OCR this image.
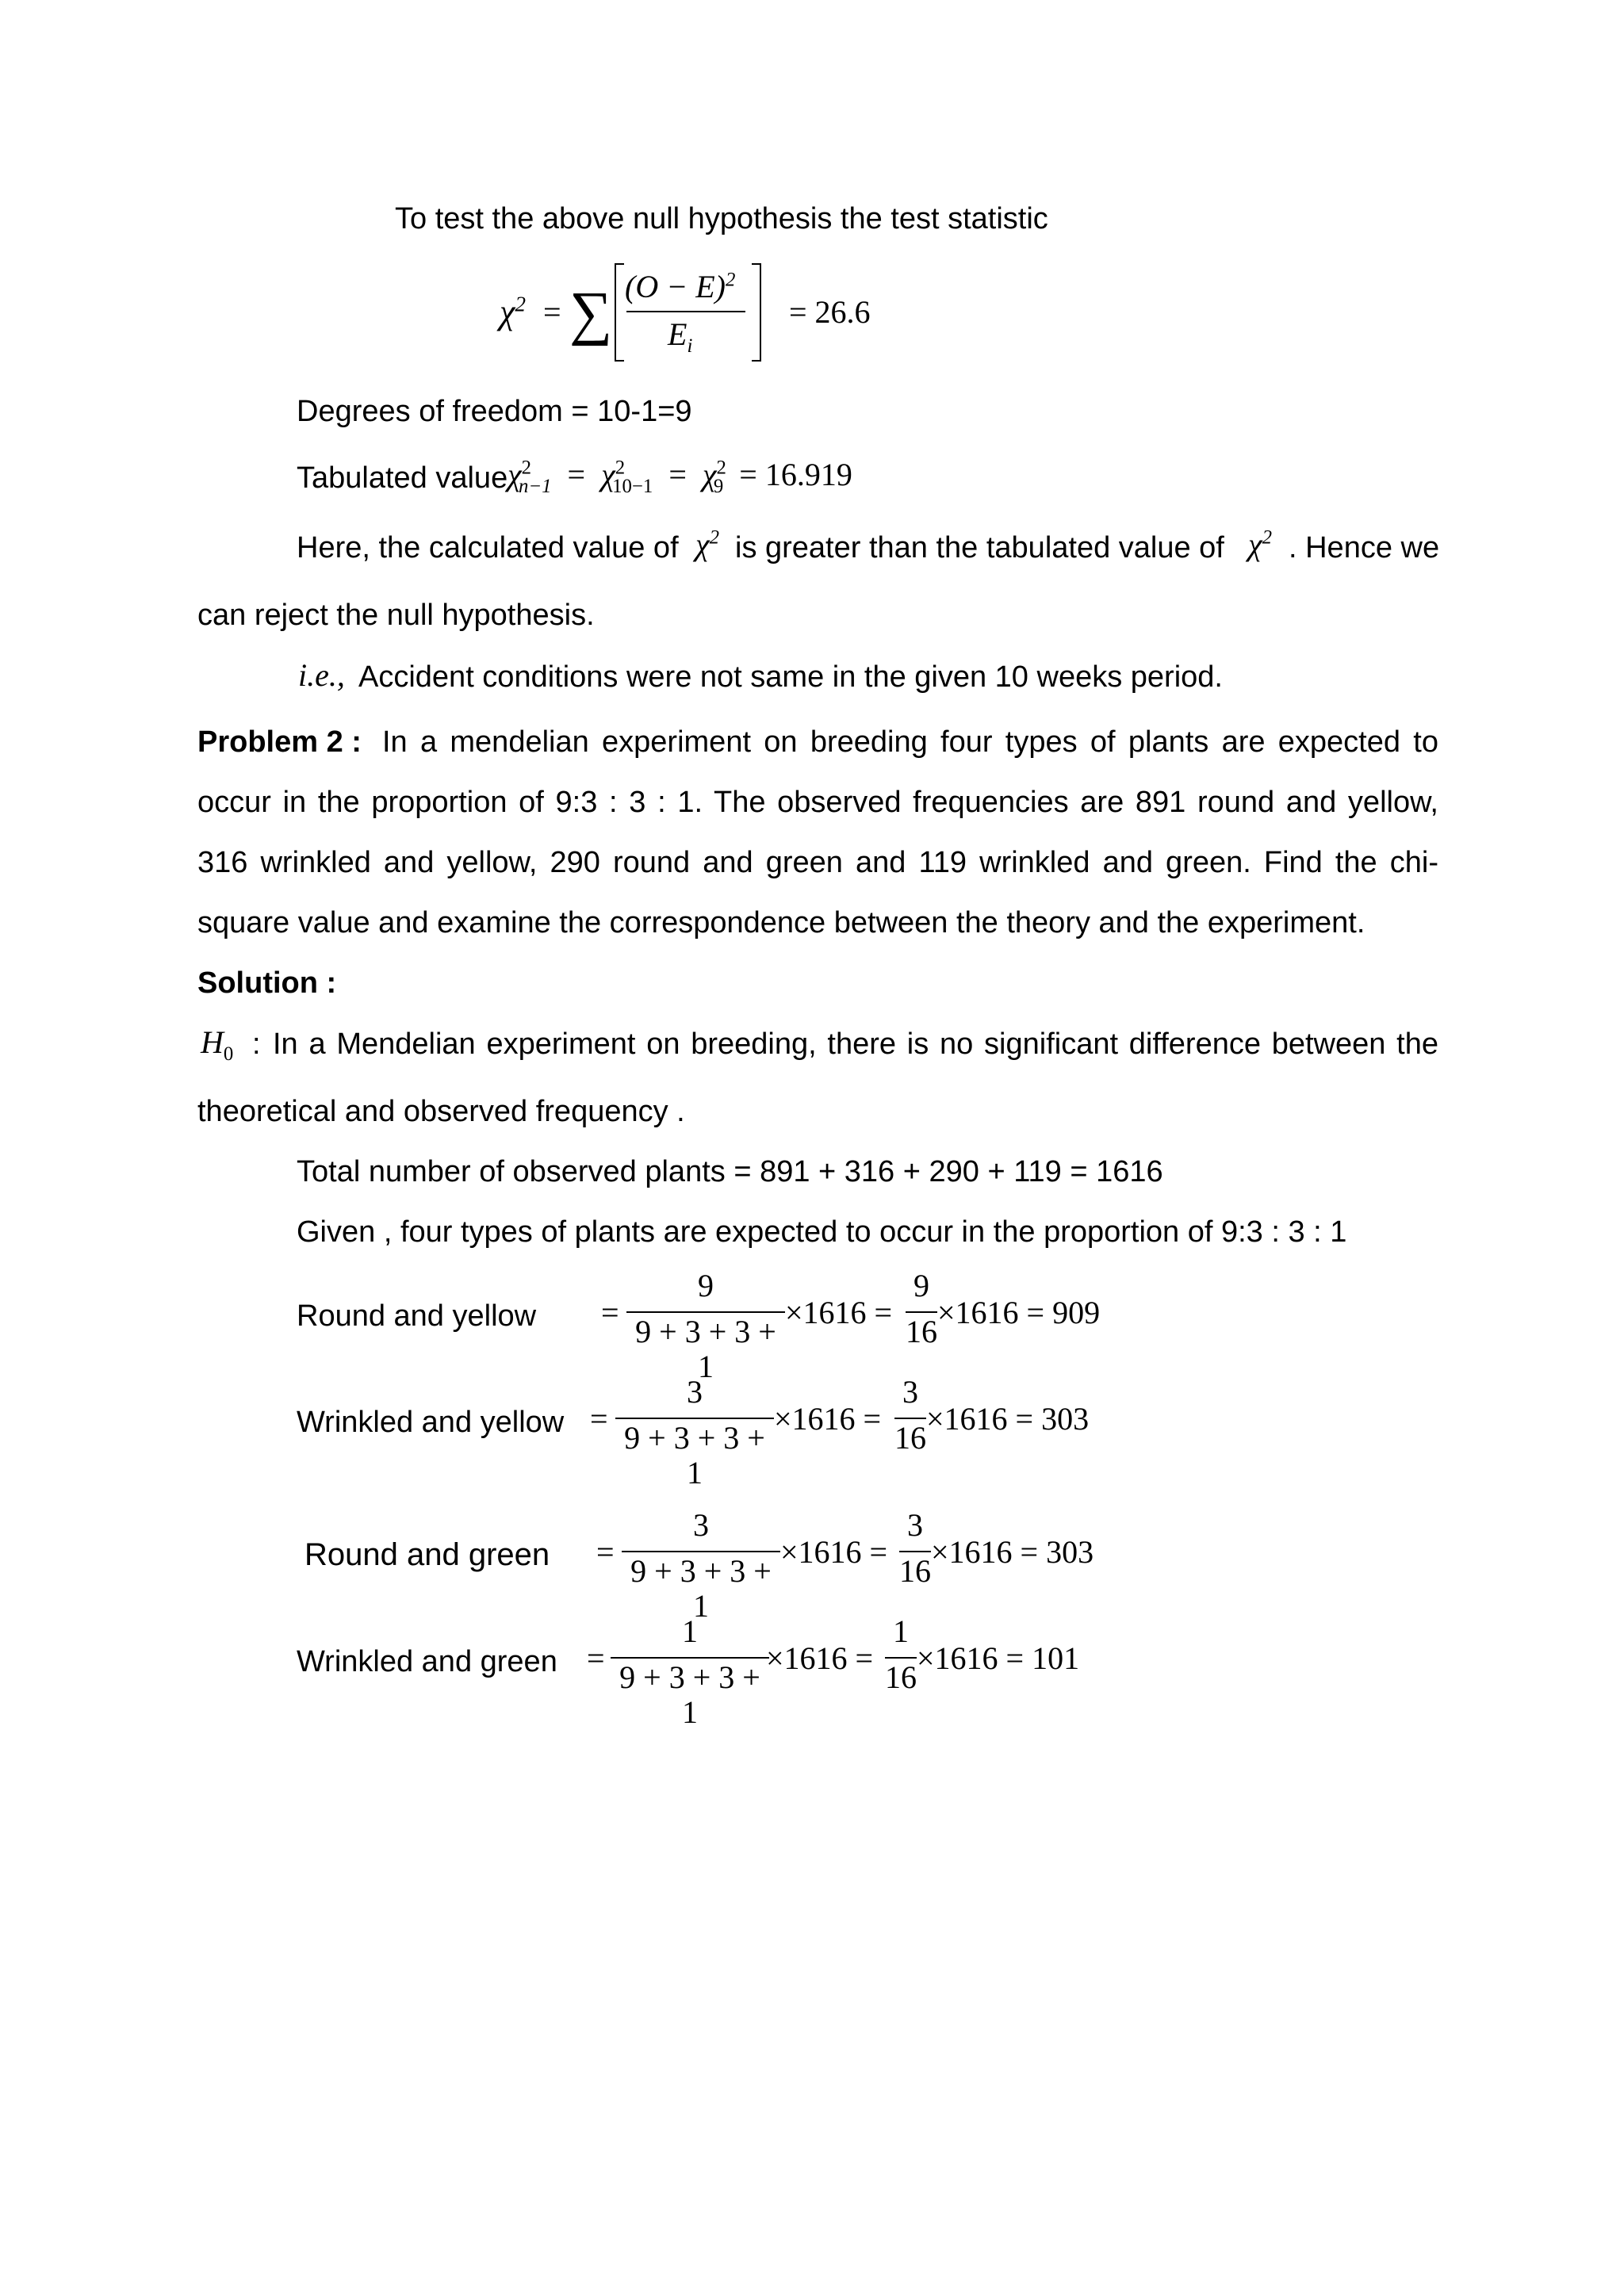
To test the above null hypothesis the test statistic
$\chi^2$ = ∑ $(O - E)^2$
$E_i$
= 26.6
Degrees of freedom = 10-1=9
Tabulated value $\chi^2_{n-1} = \chi^2_{10-1} = \chi^2_9 = 16.919$
Here, the calculated value of $\chi^2$ is greater than the tabulated value of $\chi^2$ . Hence we
can reject the null hypothesis.
i.e., Accident conditions were not same in the given 10 weeks period.
Problem 2 : In a mendelian experiment on breeding four types of plants are expected to
occur in the proportion of 9:3 : 3 : 1. The observed frequencies are 891 round and yellow,
316 wrinkled and yellow, 290 round and green and 119 wrinkled and green. Find the chi-
square value and examine the correspondence between the theory and the experiment.
Solution :
$H_0$ : In a Mendelian experiment on breeding, there is no significant difference between the
theoretical and observed frequency .
Total number of observed plants = 891 + 316 + 290 + 119 = 1616
Given , four types of plants are expected to occur in the proportion of 9:3 : 3 : 1
Round and yellow =
9
9 + 3 + 3 + 1
×1616 =
9
16
×1616 = 909
Wrinkled and yellow =
3
9 + 3 + 3 + 1
×1616 =
3
16
×1616 = 303
Round and green =
3
9 + 3 + 3 + 1
×1616 =
3
16
×1616 = 303
Wrinkled and green =
1
9 + 3 + 3 + 1
×1616 =
1
16
×1616 = 101
